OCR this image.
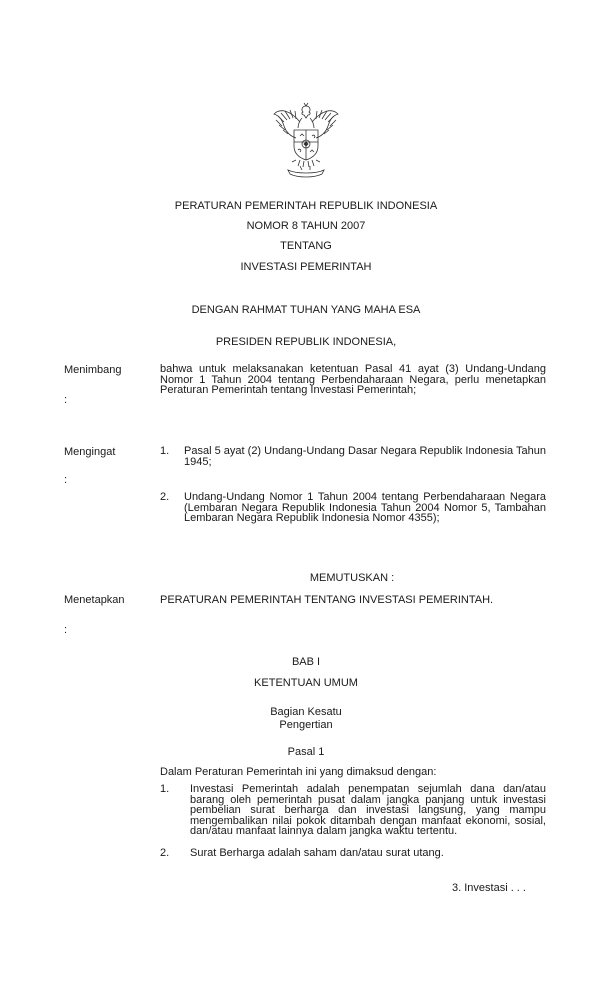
PERATURAN PEMERINTAH REPUBLIK INDONESIA
NOMOR 8 TAHUN 2007
TENTANG
INVESTASI PEMERINTAH
DENGAN RAHMAT TUHAN YANG MAHA ESA
PRESIDEN REPUBLIK INDONESIA,
Menimbang
:
bahwa untuk melaksanakan ketentuan Pasal 41 ayat (3) Undang-Undang Nomor 1 Tahun 2004 tentang Perbendaharaan Negara, perlu menetapkan Peraturan Pemerintah tentang Investasi Pemerintah;
Mengingat
:
1. Pasal 5 ayat (2) Undang-Undang Dasar Negara Republik Indonesia Tahun 1945;
2. Undang-Undang Nomor 1 Tahun 2004 tentang Perbendaharaan Negara (Lembaran Negara Republik Indonesia Tahun 2004 Nomor 5, Tambahan Lembaran Negara Republik Indonesia Nomor 4355);
MEMUTUSKAN :
Menetapkan
:
PERATURAN PEMERINTAH TENTANG INVESTASI PEMERINTAH.
BAB I
KETENTUAN UMUM
Bagian Kesatu
Pengertian
Pasal 1
Dalam Peraturan Pemerintah ini yang dimaksud dengan:
1. Investasi Pemerintah adalah penempatan sejumlah dana dan/atau barang oleh pemerintah pusat dalam jangka panjang untuk investasi pembelian surat berharga dan investasi langsung, yang mampu mengembalikan nilai pokok ditambah dengan manfaat ekonomi, sosial, dan/atau manfaat lainnya dalam jangka waktu tertentu.
2. Surat Berharga adalah saham dan/atau surat utang.
3. Investasi . . .
